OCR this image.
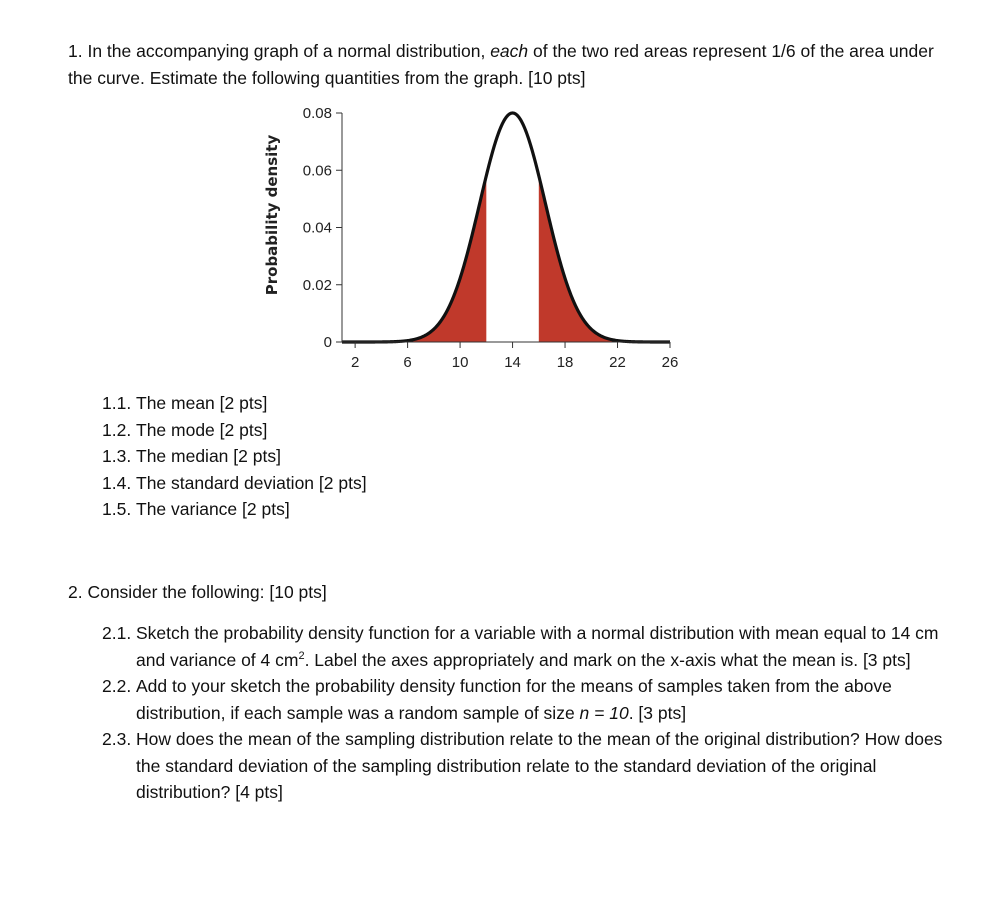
1. In the accompanying graph of a normal distribution, each of the two red areas represent 1/6 of the area under the curve. Estimate the following quantities from the graph. [10 pts]

2	6	10 14 18 22 26
0
0.02
0.04
0.06
0.08
Probability density
1.1. The mean [2 pts]
1.2. The mode [2 pts]
1.3. The median [2 pts]
1.4. The standard deviation [2 pts]
1.5. The variance [2 pts]

2. Consider the following: [10 pts]

2.1. Sketch the probability density function for a variable with a normal distribution with mean equal to 14 cm and variance of 4 $cm^2$. Label the axes appropriately and mark on the x-axis what the mean is. [3 pts]
2.2. Add to your sketch the probability density function for the means of samples taken from the above distribution, if each sample was a random sample of size n = 10. [3 pts]
2.3. How does the mean of the sampling distribution relate to the mean of the original distribution? How does the standard deviation of the sampling distribution relate to the standard deviation of the original distribution? [4 pts]
